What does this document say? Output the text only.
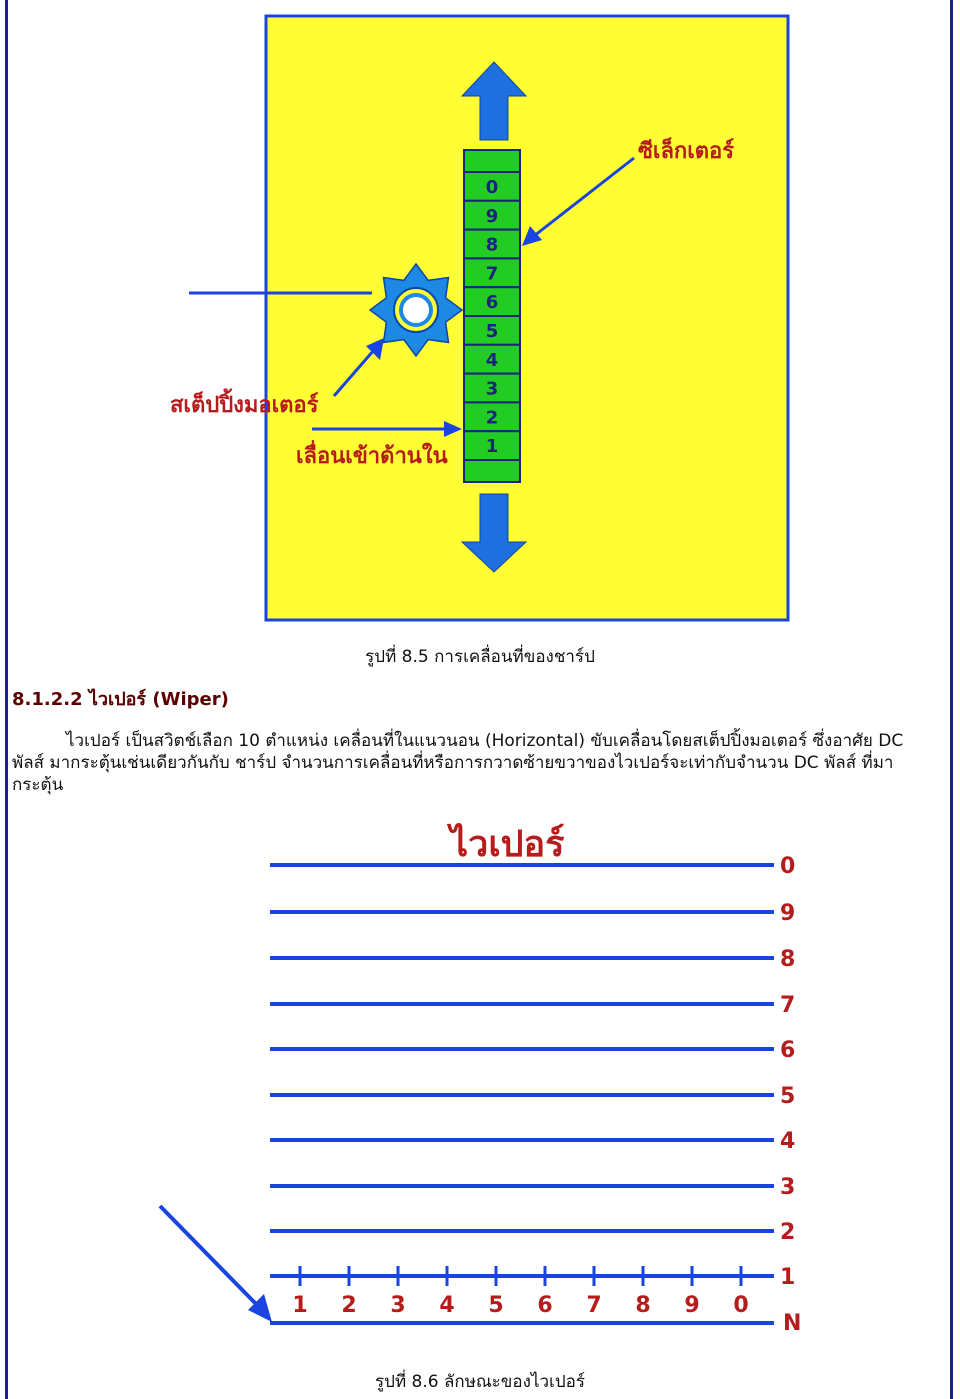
0
9
8
7
6
5
4
3
2
1
ซีเล็กเตอร์
สเต็ปปิ้งมอเตอร์
เลื่อนเข้าด้านใน
รูปที่ 8.5 การเคลื่อนที่ของชาร์ป
8.1.2.2 ไวเปอร์ (Wiper)

ไวเปอร์ เป็นสวิตช์เลือก 10 ตำแหน่ง เคลื่อนที่ในแนวนอน (Horizontal) ขับเคลื่อนโดยสเต็ปปิ้งมอเตอร์ ซึ่งอาศัย DC พัลส์ มากระตุ้นเช่นเดียวกันกับ ชาร์ป จำนวนการเคลื่อนที่หรือการกวาดซ้ายขวาของไวเปอร์จะเท่ากับจำนวน DC พัลส์ ที่มากระตุ้น

ไวเปอร์
0
9
8
7
6
5
4
3
2
1
N
1 2 3 4 5 6 7 8 9 0
รูปที่ 8.6 ลักษณะของไวเปอร์
